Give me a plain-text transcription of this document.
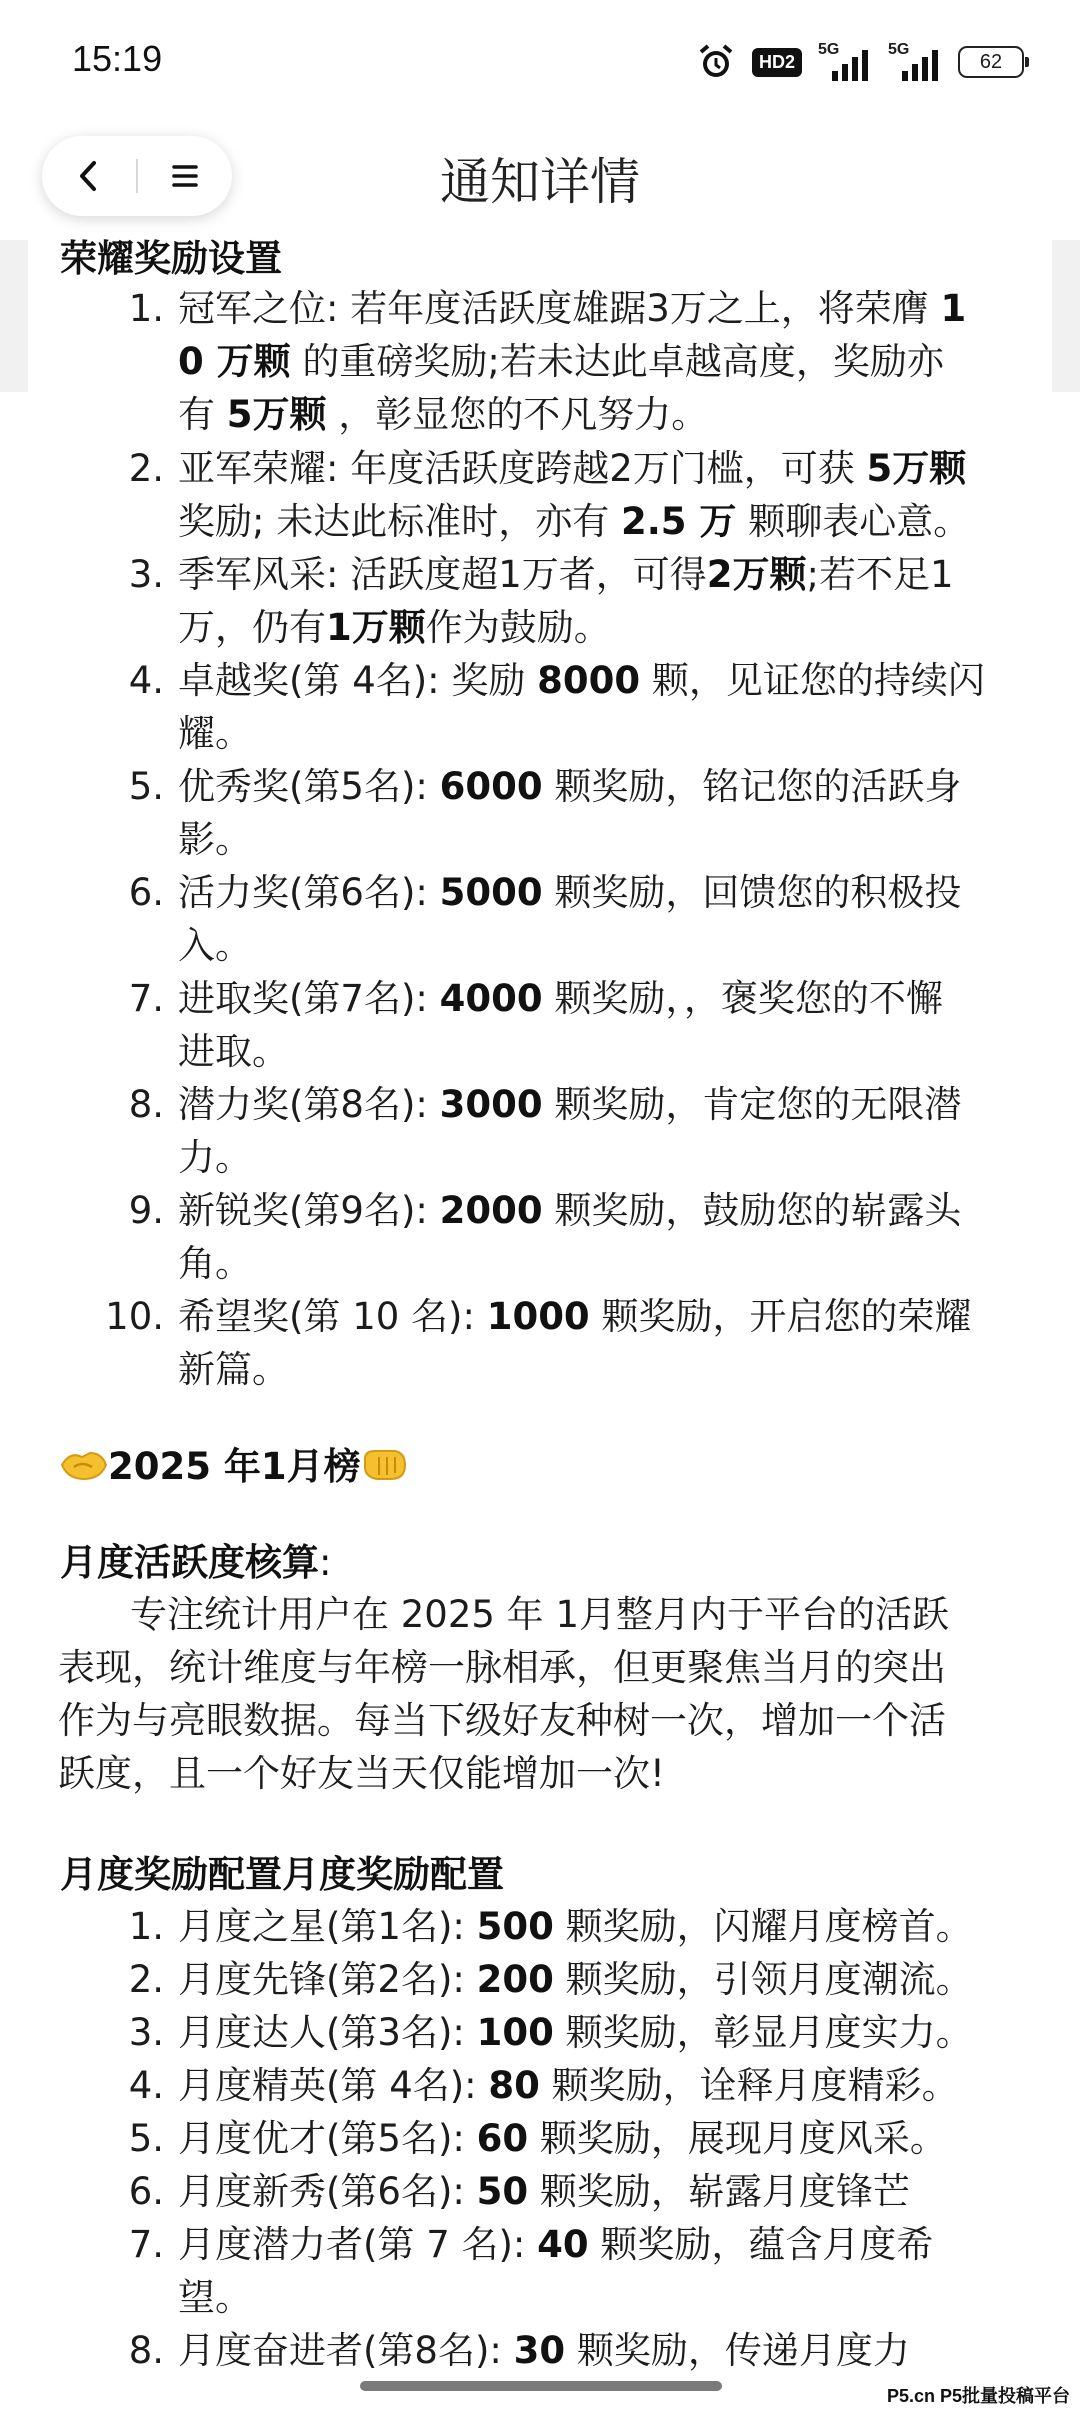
15:19	HD2
5G	5G
62
通知详情
荣耀奖励设置
1. 冠军之位: 若年度活跃度雄踞3万之上，将荣膺 1
0 万颗 的重磅奖励;若未达此卓越高度，奖励亦
有 5万颗 ，彰显您的不凡努力。
2. 亚军荣耀: 年度活跃度跨越2万门槛，可获 5万颗
奖励; 未达此标准时，亦有 2.5 万 颗聊表心意。
3. 季军风采: 活跃度超1万者，可得2万颗;若不足1
万，仍有1万颗作为鼓励。
4. 卓越奖(第 4名): 奖励 8000 颗，见证您的持续闪
耀。
5. 优秀奖(第5名): 6000 颗奖励，铭记您的活跃身
影。
6. 活力奖(第6名): 5000 颗奖励，回馈您的积极投
入。
7. 进取奖(第7名): 4000 颗奖励，，褒奖您的不懈
进取。
8. 潜力奖(第8名): 3000 颗奖励，肯定您的无限潜
力。
9. 新锐奖(第9名): 2000 颗奖励，鼓励您的崭露头
角。
10. 希望奖(第 10 名): 1000 颗奖励，开启您的荣耀
新篇。
2025 年1月榜
月度活跃度核算:
专注统计用户在 2025 年 1月整月内于平台的活跃
表现，统计维度与年榜一脉相承，但更聚焦当月的突出
作为与亮眼数据。每当下级好友种树一次，增加一个活
跃度，且一个好友当天仅能增加一次!
月度奖励配置月度奖励配置
1. 月度之星(第1名): 500 颗奖励，闪耀月度榜首。
2. 月度先锋(第2名): 200 颗奖励，引领月度潮流。
3. 月度达人(第3名): 100 颗奖励，彰显月度实力。
4. 月度精英(第 4名): 80 颗奖励，诠释月度精彩。
5. 月度优才(第5名): 60 颗奖励，展现月度风采。
6. 月度新秀(第6名): 50 颗奖励，崭露月度锋芒
7. 月度潜力者(第 7 名): 40 颗奖励，蕴含月度希
望。
8. 月度奋进者(第8名): 30 颗奖励，传递月度力
P5.cn P5批量投稿平台
